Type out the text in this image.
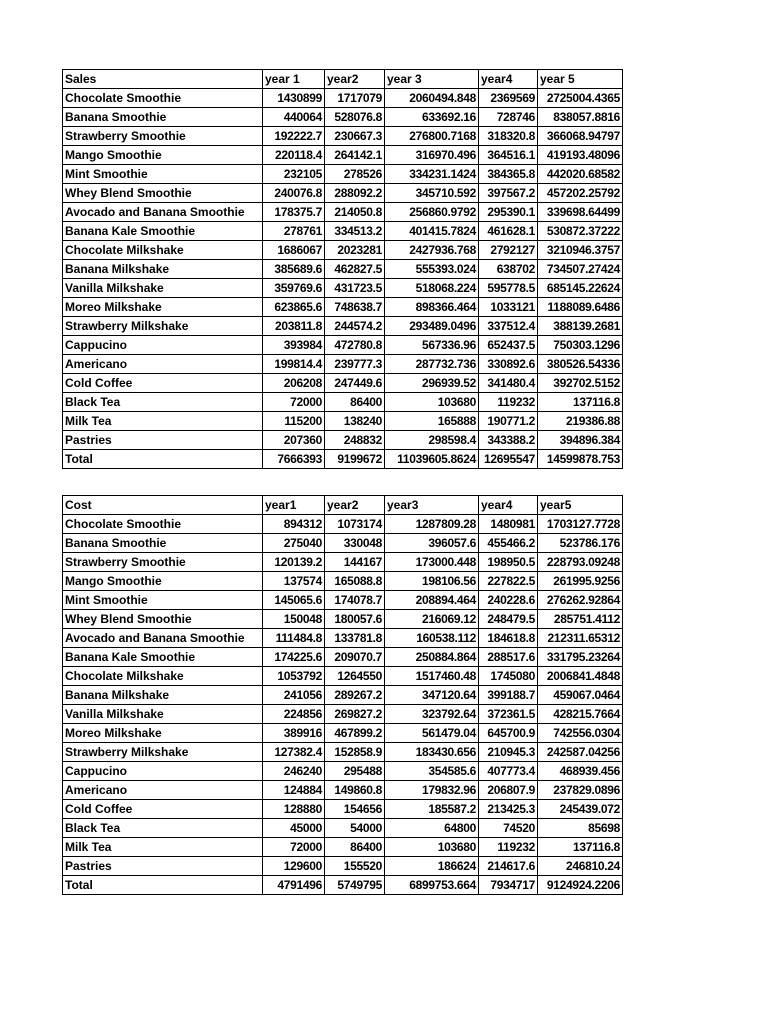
Sales	year 1	year2	year 3	year4	year 5
Chocolate Smoothie	1430899	1717079	2060494.848	2369569	2725004.4365
Banana Smoothie	440064	528076.8	633692.16	728746	838057.8816
Strawberry Smoothie	192222.7	230667.3	276800.7168	318320.8	366068.94797
Mango Smoothie	220118.4	264142.1	316970.496	364516.1	419193.48096
Mint Smoothie	232105	278526	334231.1424	384365.8	442020.68582
Whey Blend Smoothie	240076.8	288092.2	345710.592	397567.2	457202.25792
Avocado and Banana Smoothie	178375.7	214050.8	256860.9792	295390.1	339698.64499
Banana Kale Smoothie	278761	334513.2	401415.7824	461628.1	530872.37222
Chocolate Milkshake	1686067	2023281	2427936.768	2792127	3210946.3757
Banana Milkshake	385689.6	462827.5	555393.024	638702	734507.27424
Vanilla Milkshake	359769.6	431723.5	518068.224	595778.5	685145.22624
Moreo Milkshake	623865.6	748638.7	898366.464	1033121	1188089.6486
Strawberry Milkshake	203811.8	244574.2	293489.0496	337512.4	388139.2681
Cappucino	393984	472780.8	567336.96	652437.5	750303.1296
Americano	199814.4	239777.3	287732.736	330892.6	380526.54336
Cold Coffee	206208	247449.6	296939.52	341480.4	392702.5152
Black Tea	72000	86400	103680	119232	137116.8
Milk Tea	115200	138240	165888	190771.2	219386.88
Pastries	207360	248832	298598.4	343388.2	394896.384
Total	7666393	9199672	11039605.8624	12695547	14599878.753
Cost	year1	year2	year3	year4	year5
Chocolate Smoothie	894312	1073174	1287809.28	1480981	1703127.7728
Banana Smoothie	275040	330048	396057.6	455466.2	523786.176
Strawberry Smoothie	120139.2	144167	173000.448	198950.5	228793.09248
Mango Smoothie	137574	165088.8	198106.56	227822.5	261995.9256
Mint Smoothie	145065.6	174078.7	208894.464	240228.6	276262.92864
Whey Blend Smoothie	150048	180057.6	216069.12	248479.5	285751.4112
Avocado and Banana Smoothie	111484.8	133781.8	160538.112	184618.8	212311.65312
Banana Kale Smoothie	174225.6	209070.7	250884.864	288517.6	331795.23264
Chocolate Milkshake	1053792	1264550	1517460.48	1745080	2006841.4848
Banana Milkshake	241056	289267.2	347120.64	399188.7	459067.0464
Vanilla Milkshake	224856	269827.2	323792.64	372361.5	428215.7664
Moreo Milkshake	389916	467899.2	561479.04	645700.9	742556.0304
Strawberry Milkshake	127382.4	152858.9	183430.656	210945.3	242587.04256
Cappucino	246240	295488	354585.6	407773.4	468939.456
Americano	124884	149860.8	179832.96	206807.9	237829.0896
Cold Coffee	128880	154656	185587.2	213425.3	245439.072
Black Tea	45000	54000	64800	74520	85698
Milk Tea	72000	86400	103680	119232	137116.8
Pastries	129600	155520	186624	214617.6	246810.24
Total	4791496	5749795	6899753.664	7934717	9124924.2206
